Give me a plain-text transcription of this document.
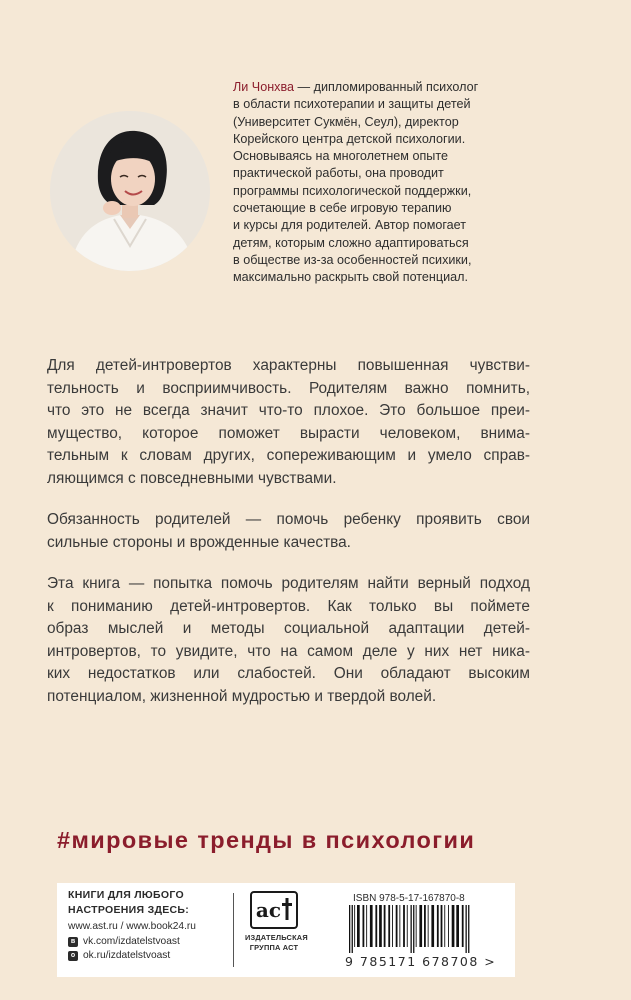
Ли Чонхва — дипломированный психолог
в области психотерапии и защиты детей
(Университет Сукмён, Сеул), директор
Корейского центра детской психологии.
Основываясь на многолетнем опыте
практической работы, она проводит
программы психологической поддержки,
сочетающие в себе игровую терапию
и курсы для родителей. Автор помогает
детям, которым сложно адаптироваться
в обществе из-за особенностей психики,
максимально раскрыть свой потенциал.
Для детей-интровертов характерны повышенная чувстви-
тельность и восприимчивость. Родителям важно помнить,
что это не всегда значит что-то плохое. Это большое преи-
мущество, которое поможет вырасти человеком, внима-
тельным к словам других, сопереживающим и умело справ-
ляющимся с повседневными чувствами.
Обязанность родителей — помочь ребенку проявить свои
сильные стороны и врожденные качества.
Эта книга — попытка помочь родителям найти верный подход
к пониманию детей-интровертов. Как только вы поймете
образ мыслей и методы социальной адаптации детей-
интровертов, то увидите, что на самом деле у них нет ника-
ких недостатков или слабостей. Они обладают высоким
потенциалом, жизненной мудростью и твердой волей.
#мировые тренды в психологии
КНИГИ ДЛЯ ЛЮБОГО
НАСТРОЕНИЯ ЗДЕСЬ:
www.ast.ru / www.book24.ru
в vk.com/izdatelstvoast
о ok.ru/izdatelstvoast
ac
ИЗДАТЕЛЬСКАЯ
ГРУППА АСТ
ISBN 978-5-17-167870-8
9 785171 678708 >
